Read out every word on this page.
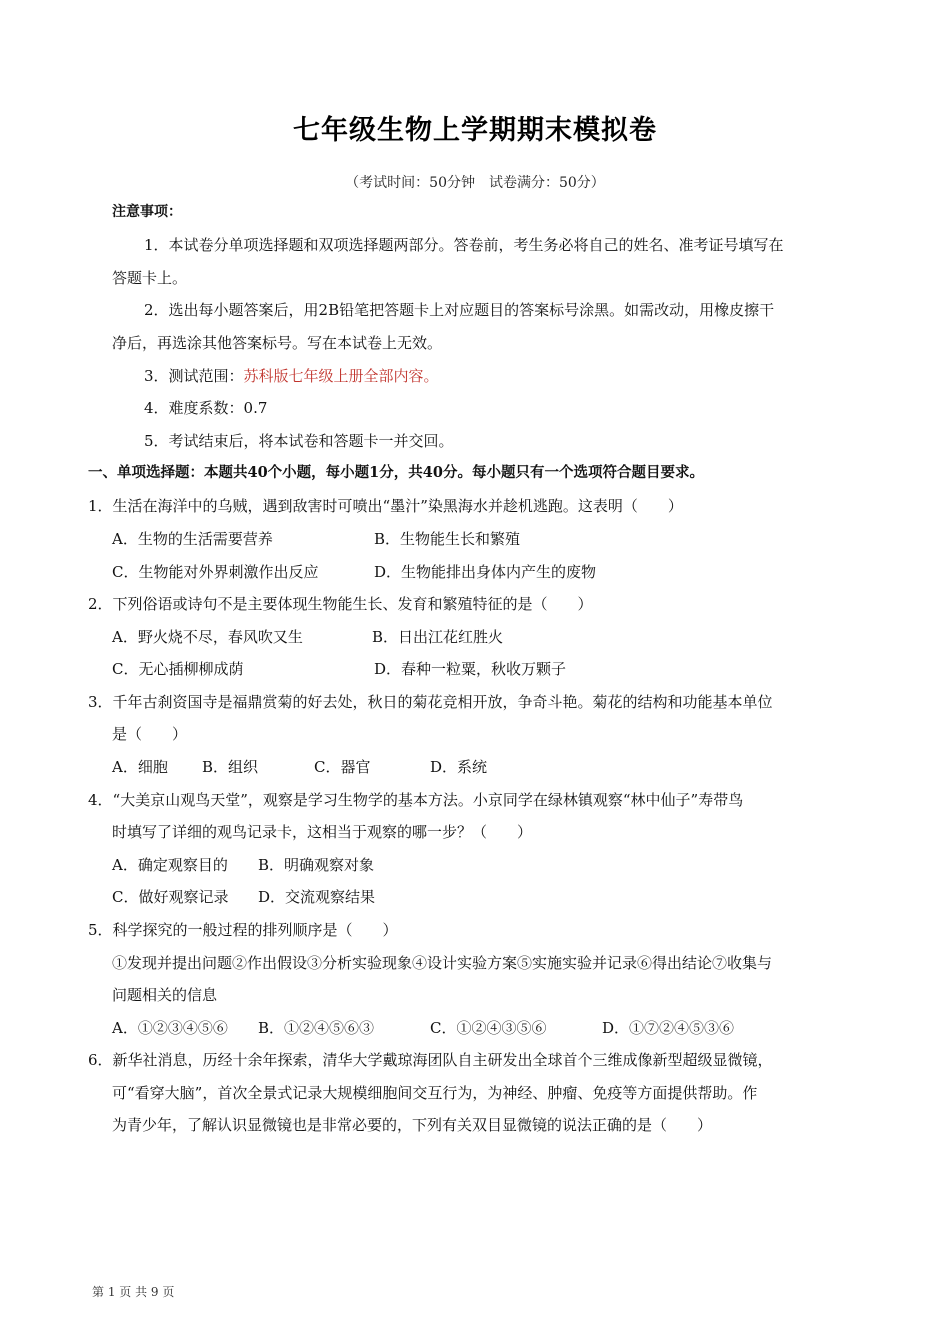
七年级生物上学期期末模拟卷
（考试时间：50分钟　试卷满分：50分）
注意事项：
1．本试卷分单项选择题和双项选择题两部分。答卷前，考生务必将自己的姓名、准考证号填写在
答题卡上。
2．选出每小题答案后，用2B铅笔把答题卡上对应题目的答案标号涂黑。如需改动，用橡皮擦干
净后，再选涂其他答案标号。写在本试卷上无效。
3．测试范围：苏科版七年级上册全部内容。
4．难度系数：0.7
5．考试结束后，将本试卷和答题卡一并交回。
一、单项选择题：本题共40个小题，每小题1分，共40分。每小题只有一个选项符合题目要求。
1．生活在海洋中的乌贼，遇到敌害时可喷出“墨汁”染黑海水并趁机逃跑。这表明（　　）
A．生物的生活需要营养	B．生物能生长和繁殖
C．生物能对外界刺激作出反应	D．生物能排出身体内产生的废物
2．下列俗语或诗句不是主要体现生物能生长、发育和繁殖特征的是（　　）
A．野火烧不尽，春风吹又生	B．日出江花红胜火
C．无心插柳柳成荫	D．春种一粒粟，秋收万颗子
3．千年古刹资国寺是福鼎赏菊的好去处，秋日的菊花竞相开放，争奇斗艳。菊花的结构和功能基本单位
是（　　）
A．细胞 B．组织	C．器官	D．系统
4．“大美京山观鸟天堂”，观察是学习生物学的基本方法。小京同学在绿林镇观察“林中仙子”寿带鸟
时填写了详细的观鸟记录卡，这相当于观察的哪一步？（　　）
A．确定观察目的 B．明确观察对象
C．做好观察记录 D．交流观察结果
5．科学探究的一般过程的排列顺序是（　　）
①发现并提出问题②作出假设③分析实验现象④设计实验方案⑤实施实验并记录⑥得出结论⑦收集与
问题相关的信息
A．①②③④⑤⑥ B．①②④⑤⑥③	C．①②④③⑤⑥	D．①⑦②④⑤③⑥
6．新华社消息，历经十余年探索，清华大学戴琼海团队自主研发出全球首个三维成像新型超级显微镜，
可“看穿大脑”，首次全景式记录大规模细胞间交互行为，为神经、肿瘤、免疫等方面提供帮助。作
为青少年，了解认识显微镜也是非常必要的，下列有关双目显微镜的说法正确的是（　　）
第 1 页 共 9 页
